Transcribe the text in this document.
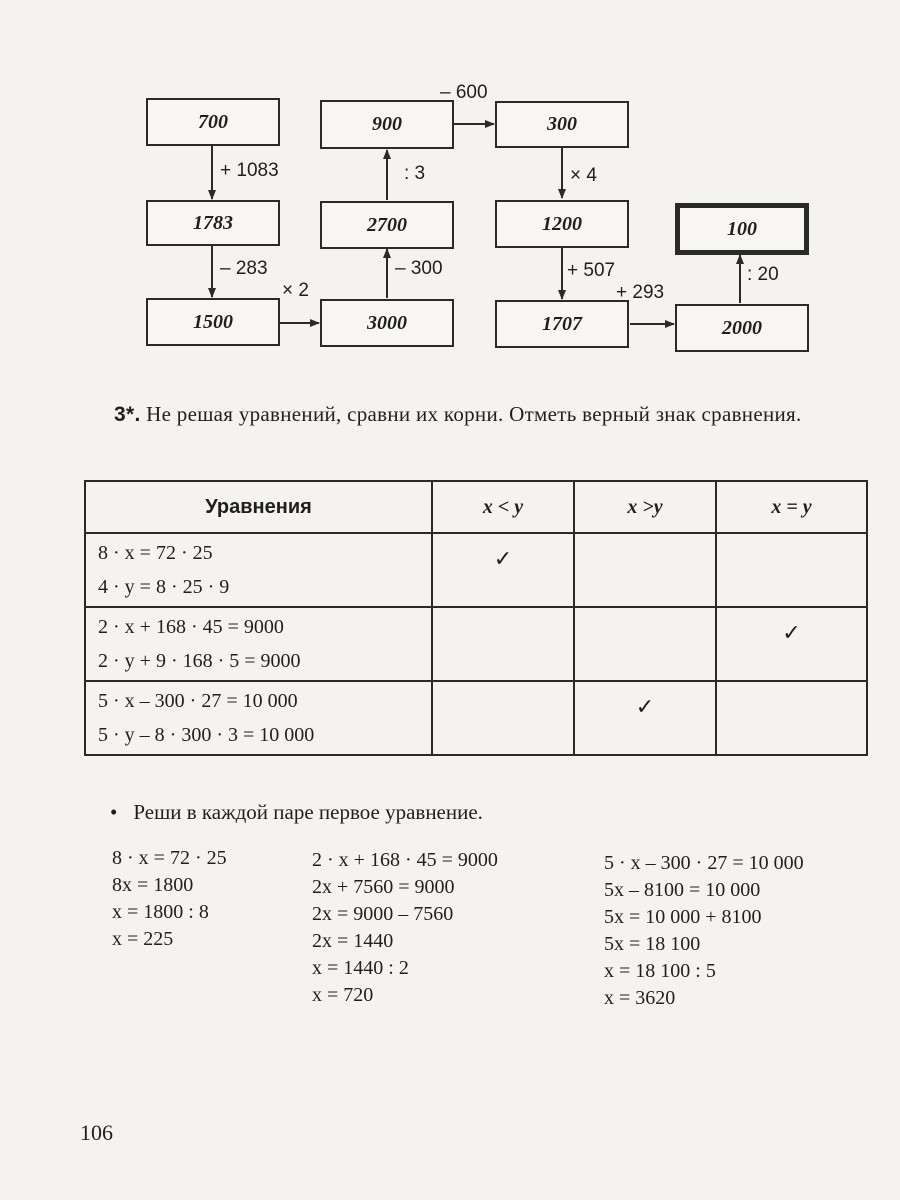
700
1783
1500	3000
2700
900	300
1200
1707	2000
100
+ 1083
– 283
× 2
– 300
: 3
– 600
× 4
+ 507
+ 293
: 20
3*. Не решая уравнений, сравни их корни. Отметь верный знак сравнения.
Уравнения	x < y	x >y	x = y

8 · x = 72 · 25
4 · y = 8 · 25 · 9	✓		

2 · x + 168 · 45 = 9000
2 · y + 9 · 168 · 5 = 9000			✓

5 · x – 300 · 27 = 10 000
5 · y – 8 · 300 · 3 = 10 000		✓	
• Реши в каждой паре первое уравнение.
8 · x = 72 · 25
8x = 1800
x = 1800 : 8
x = 225
2 · x + 168 · 45 = 9000
2x + 7560 = 9000
2x = 9000 – 7560
2x = 1440
x = 1440 : 2
x = 720
5 · x – 300 · 27 = 10 000
5x – 8100 = 10 000
5x = 10 000 + 8100
5x = 18 100
x = 18 100 : 5
x = 3620
106
